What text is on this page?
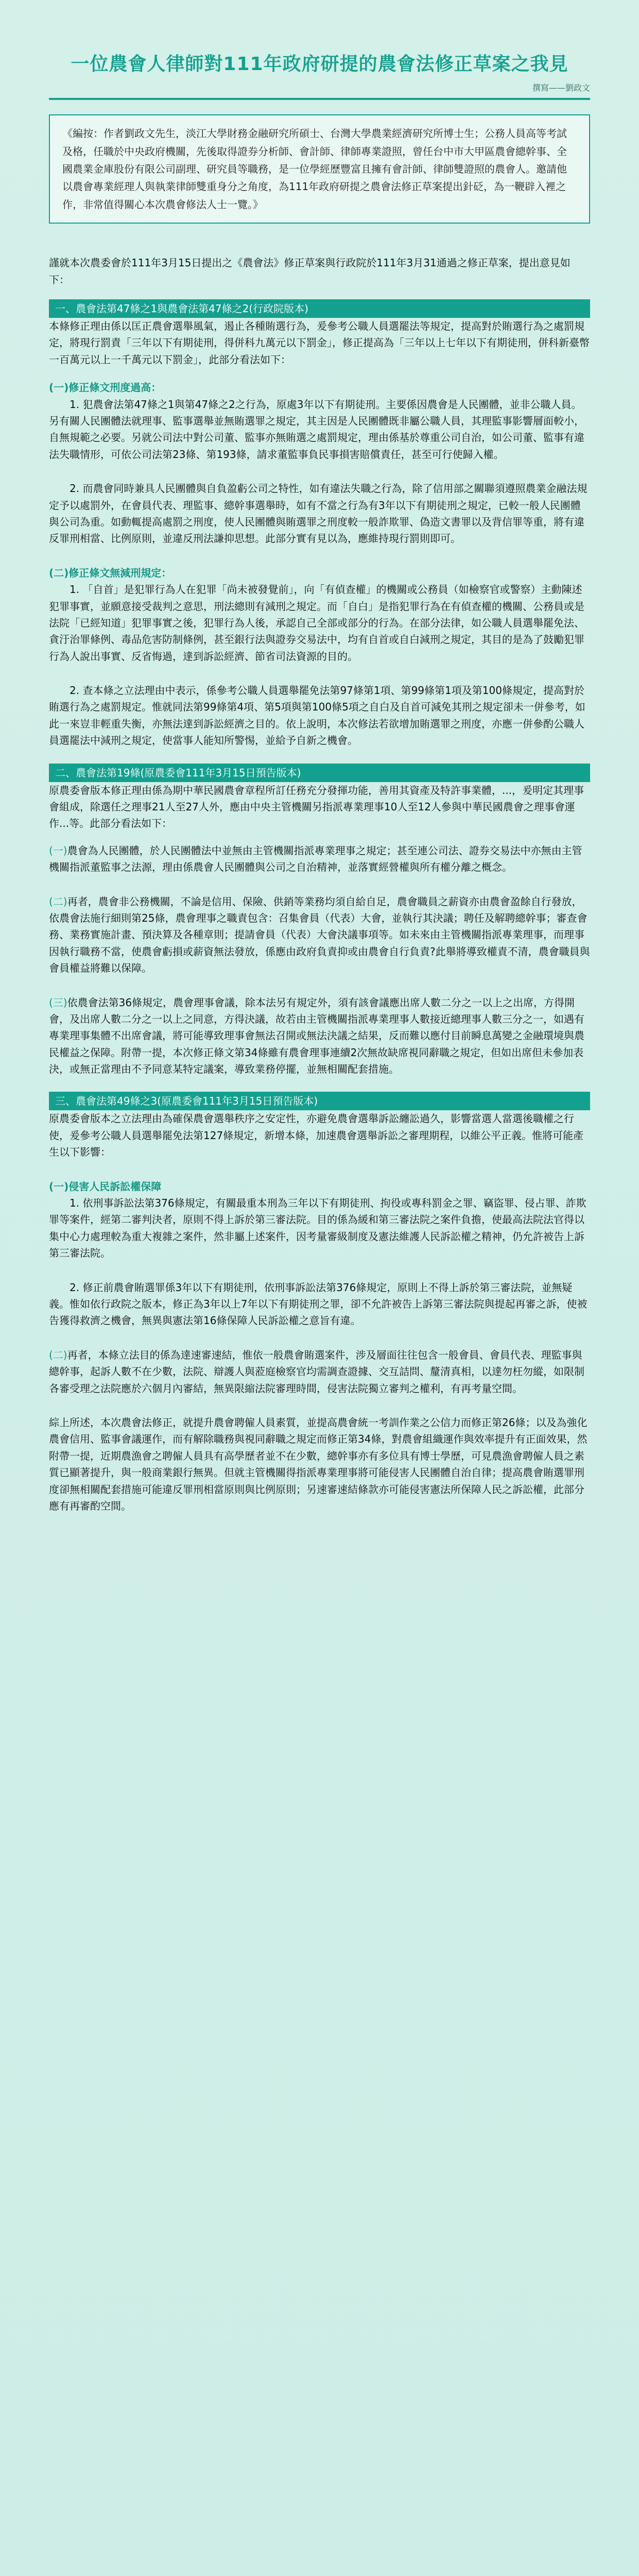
一位農會人律師對111年政府研提的農會法修正草案之我見
撰寫——劉政文

《編按：作者劉政文先生，淡江大學財務金融研究所碩士、台灣大學農業經濟研究所博士生；公務人員高等考試及格，任職於中央政府機關，先後取得證券分析師、會計師、律師專業證照，曾任台中市大甲區農會總幹事、全國農業金庫股份有限公司副理、研究員等職務，是一位學經歷豐富且擁有會計師、律師雙證照的農會人。邀請他以農會專業經理人與執業律師雙重身分之角度，為111年政府研提之農會法修正草案提出針砭，為一鞭辟入裡之作，非常值得關心本次農會修法人士一覽。》

謹就本次農委會於111年3月15日提出之《農會法》修正草案與行政院於111年3月31通過之修正草案，提出意見如下：

一、農會法第47條之1與農會法第47條之2(行政院版本)

本條修正理由係以匡正農會選舉風氣，遏止各種賄選行為，爰參考公職人員選罷法等規定，提高對於賄選行為之處罰規定，將現行罰責「三年以下有期徒刑，得併科九萬元以下罰金」，修正提高為「三年以上七年以下有期徒刑，併科新臺幣一百萬元以上一千萬元以下罰金」，此部分看法如下：

(一)修正條文刑度過高：

1. 犯農會法第47條之1與第47條之2之行為，原處3年以下有期徒刑。主要係因農會是人民團體，並非公職人員。另有關人民團體法就理事、監事選舉並無賄選罪之規定，其主因是人民團體既非屬公職人員，其理監事影響層面較小，自無規範之必要。另就公司法中對公司董、監事亦無賄選之處罰規定，理由係基於尊重公司自治，如公司董、監事有違法失職情形，可依公司法第23條、第193條，請求董監事負民事損害賠償責任，甚至可行使歸入權。

2. 而農會同時兼具人民團體與自負盈虧公司之特性，如有違法失職之行為，除了信用部之關聯須遵照農業金融法規定予以處罰外，在會員代表、理監事、總幹事選舉時，如有不當之行為有3年以下有期徒刑之規定，已較一般人民團體與公司為重。如動輒提高處罰之刑度，使人民團體與賄選罪之刑度較一般詐欺罪、偽造文書罪以及背信罪等重，將有違反罪刑相當、比例原則，並違反刑法謙抑思想。此部分實有見以為，應維持現行罰則即可。

(二)修正條文無減刑規定：

1. 「自首」是犯罪行為人在犯罪「尚未被發覺前」，向「有偵查權」的機關或公務員（如檢察官或警察）主動陳述犯罪事實，並願意接受裁判之意思，刑法總則有減刑之規定。而「自白」是指犯罪行為在有偵查權的機關、公務員或是法院「已經知道」犯罪事實之後，犯罪行為人後，承認自己全部或部分的行為。在部分法律，如公職人員選舉罷免法、貪汙治罪條例、毒品危害防制條例，甚至銀行法與證券交易法中，均有自首或自白減刑之規定，其目的是為了鼓勵犯罪行為人說出事實、反省悔過，達到訴訟經濟、節省司法資源的目的。

2. 查本條之立法理由中表示，係參考公職人員選舉罷免法第97條第1項、第99條第1項及第100條規定，提高對於賄選行為之處罰規定。惟就同法第99條第4項、第5項與第100條5項之自白及自首可減免其刑之規定卻未一併參考，如此一來豈非輕重失衡，亦無法達到訴訟經濟之目的。依上說明，本次修法若欲增加賄選罪之刑度，亦應一併參酌公職人員選罷法中減刑之規定，使當事人能知所警惕，並給予自新之機會。

二、農會法第19條(原農委會111年3月15日預告版本)

原農委會版本修正理由係為期中華民國農會章程所訂任務充分發揮功能，善用其資產及特許事業體，...，爰明定其理事會組成，除選任之理事21人至27人外，應由中央主管機關另指派專業理事10人至12人參與中華民國農會之理事會運作...等。此部分看法如下：

(一)農會為人民團體，於人民團體法中並無由主管機關指派專業理事之規定；甚至連公司法、證券交易法中亦無由主管機關指派董監事之法源，理由係農會人民團體與公司之自治精神，並落實經營權與所有權分離之概念。

(二)再者，農會非公務機關，不論是信用、保險、供銷等業務均須自給自足，農會職員之薪資亦由農會盈餘自行發放，依農會法施行細則第25條，農會理事之職責包含：召集會員（代表）大會，並執行其決議；聘任及解聘總幹事；審查會務、業務實施計畫、預決算及各種章則；提請會員（代表）大會決議事項等。如未來由主管機關指派專業理事，而理事因執行職務不當，使農會虧損或薪資無法發放，係應由政府負責抑或由農會自行負責?此舉將導致權責不清，農會職員與會員權益將難以保障。

(三)依農會法第36條規定，農會理事會議，除本法另有規定外，須有該會議應出席人數二分之一以上之出席，方得開會，及出席人數二分之一以上之同意，方得決議，故若由主管機關指派專業理事人數接近總理事人數三分之一，如遇有專業理事集體不出席會議，將可能導致理事會無法召開或無法決議之結果，反而難以應付目前瞬息萬變之金融環境與農民權益之保障。附帶一提，本次修正條文第34條雖有農會理事連續2次無故缺席視同辭職之規定，但如出席但未參加表決，或無正當理由不予同意某特定議案，導致業務停擺，並無相關配套措施。

三、農會法第49條之3(原農委會111年3月15日預告版本)

原農委會版本之立法理由為確保農會選舉秩序之安定性，亦避免農會選舉訴訟纏訟過久，影響當選人當選後職權之行使，爰參考公職人員選舉罷免法第127條規定，新增本條，加速農會選舉訴訟之審理期程，以維公平正義。惟將可能產生以下影響：

(一)侵害人民訴訟權保障

1. 依刑事訴訟法第376條規定，有關最重本刑為三年以下有期徒刑、拘役或專科罰金之罪、竊盜罪、侵占罪、詐欺罪等案件，經第二審判決者，原則不得上訴於第三審法院。目的係為緩和第三審法院之案件負擔，使最高法院法官得以集中心力處理較為重大複雜之案件，然非屬上述案件，因考量審級制度及憲法維護人民訴訟權之精神，仍允許被告上訴第三審法院。

2. 修正前農會賄選罪係3年以下有期徒刑，依刑事訴訟法第376條規定，原則上不得上訴於第三審法院，並無疑義。惟如依行政院之版本，修正為3年以上7年以下有期徒刑之罪，卻不允許被告上訴第三審法院與提起再審之訴，使被告獲得救濟之機會，無異與憲法第16條保障人民訴訟權之意旨有違。

(二)再者，本條立法目的係為達速審速結，惟依一般農會賄選案件，涉及層面往往包含一般會員、會員代表、理監事與總幹事，起訴人數不在少數，法院、辯護人與蒞庭檢察官均需調查證據、交互詰問、釐清真相，以達勿枉勿縱，如限制各審受理之法院應於六個月內審結，無異限縮法院審理時間，侵害法院獨立審判之權利，有再考量空間。

綜上所述，本次農會法修正，就提升農會聘僱人員素質，並提高農會統一考訓作業之公信力而修正第26條；以及為強化農會信用、監事會議運作，而有解除職務與視同辭職之規定而修正第34條，對農會組織運作與效率提升有正面效果，然附帶一提，近期農漁會之聘僱人員具有高學歷者並不在少數，總幹事亦有多位具有博士學歷，可見農漁會聘僱人員之素質已顯著提升，與一般商業銀行無異。但就主管機關得指派專業理事將可能侵害人民團體自治自律；提高農會賄選罪刑度卻無相關配套措施可能違反罪刑相當原則與比例原則；另速審速結條款亦可能侵害憲法所保障人民之訴訟權，此部分應有再審酌空間。
